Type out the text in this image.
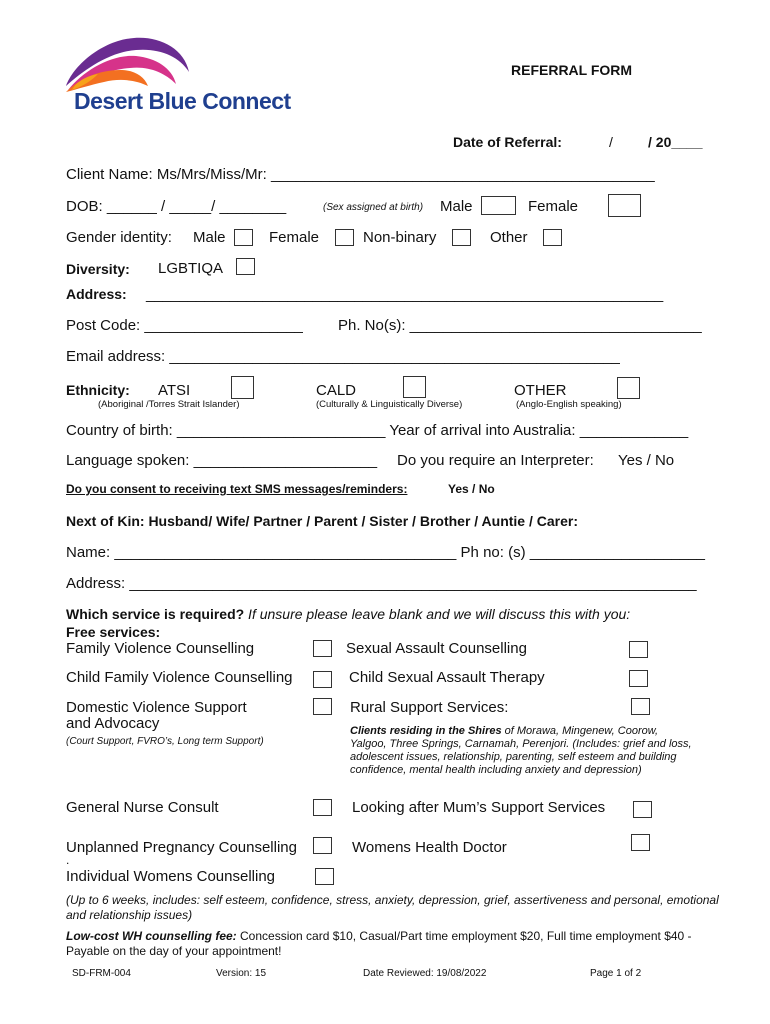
Desert Blue Connect
REFERRAL FORM
Date of Referral:	/	/ 20____
Client Name: Ms/Mrs/Miss/Mr: ______________________________________________
DOB: ______ / _____/ ________	(Sex assigned at birth) Male	Female
Gender identity: Male	Female	Non-binary	Other
Diversity: LGBTIQA
Address: ______________________________________________________________
Post Code: ___________________ Ph. No(s): ___________________________________
Email address: ______________________________________________________
Ethnicity: ATSI
(Aboriginal /Torres Strait Islander)
CALD
(Culturally & Linguistically Diverse)
OTHER
(Anglo-English speaking)
Country of birth: _________________________ Year of arrival into Australia: _____________
Language spoken: ______________________ Do you require an Interpreter: Yes / No
Do you consent to receiving text SMS messages/reminders:	Yes / No
Next of Kin: Husband/ Wife/ Partner / Parent / Sister / Brother / Auntie / Carer:
Name: _________________________________________ Ph no: (s) _____________________
Address: ____________________________________________________________________
Which service is required? If unsure please leave blank and we will discuss this with you:
Free services:
Family Violence Counselling	Sexual Assault Counselling
Child Family Violence Counselling	Child Sexual Assault Therapy
Domestic Violence Support
and Advocacy
(Court Support, FVRO’s, Long term Support)
Rural Support Services:
Clients residing in the Shires of Morawa, Mingenew, Coorow, Yalgoo, Three Springs, Carnamah, Perenjori. (Includes: grief and loss, adolescent issues, relationship, parenting, self esteem and building confidence, mental health including anxiety and depression)
General Nurse Consult	Looking after Mum’s Support Services
Unplanned Pregnancy Counselling	Womens Health Doctor
.
Individual Womens Counselling
(Up to 6 weeks, includes: self esteem, confidence, stress, anxiety, depression, grief, assertiveness and personal, emotional and relationship issues)
Low-cost WH counselling fee: Concession card $10, Casual/Part time employment $20, Full time employment $40 - Payable on the day of your appointment!
SD-FRM-004	Version: 15	Date Reviewed: 19/08/2022	Page 1 of 2
